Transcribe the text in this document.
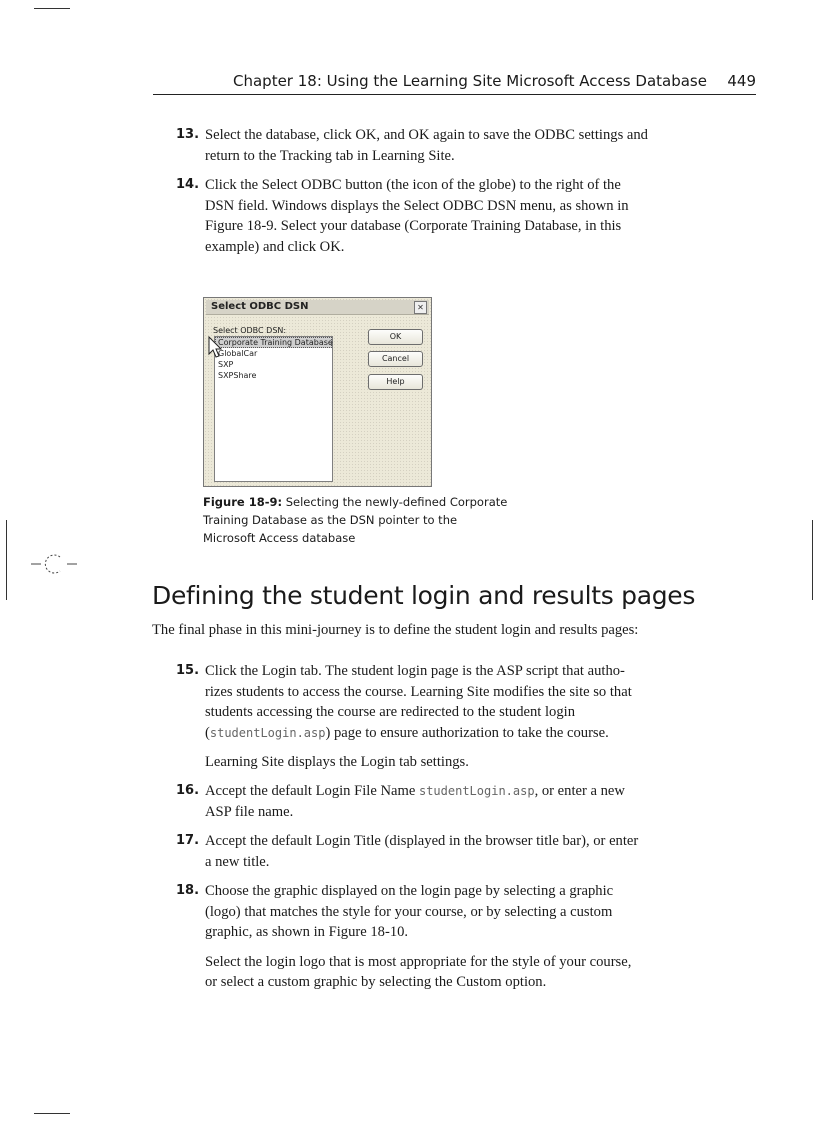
Chapter 18: Using the Learning Site Microsoft Access Database 449
13. Select the database, click OK, and OK again to save the ODBC settings and
return to the Tracking tab in Learning Site.
14. Click the Select ODBC button (the icon of the globe) to the right of the
DSN field. Windows displays the Select ODBC DSN menu, as shown in
Figure 18-9. Select your database (Corporate Training Database, in this
example) and click OK.
Select ODBC DSN	✕
Select ODBC DSN:
Corporate Training Database
GlobalCar
SXP
SXPShare
OK
Cancel
Help
Figure 18-9: Selecting the newly-defined Corporate
Training Database as the DSN pointer to the
Microsoft Access database
Defining the student login and results pages
The final phase in this mini-journey is to define the student login and results pages:
15. Click the Login tab. The student login page is the ASP script that autho-
rizes students to access the course. Learning Site modifies the site so that
students accessing the course are redirected to the student login
(studentLogin.asp) page to ensure authorization to take the course.
Learning Site displays the Login tab settings.
16. Accept the default Login File Name studentLogin.asp, or enter a new
ASP file name.
17. Accept the default Login Title (displayed in the browser title bar), or enter
a new title.
18. Choose the graphic displayed on the login page by selecting a graphic
(logo) that matches the style for your course, or by selecting a custom
graphic, as shown in Figure 18-10.
Select the login logo that is most appropriate for the style of your course,
or select a custom graphic by selecting the Custom option.
